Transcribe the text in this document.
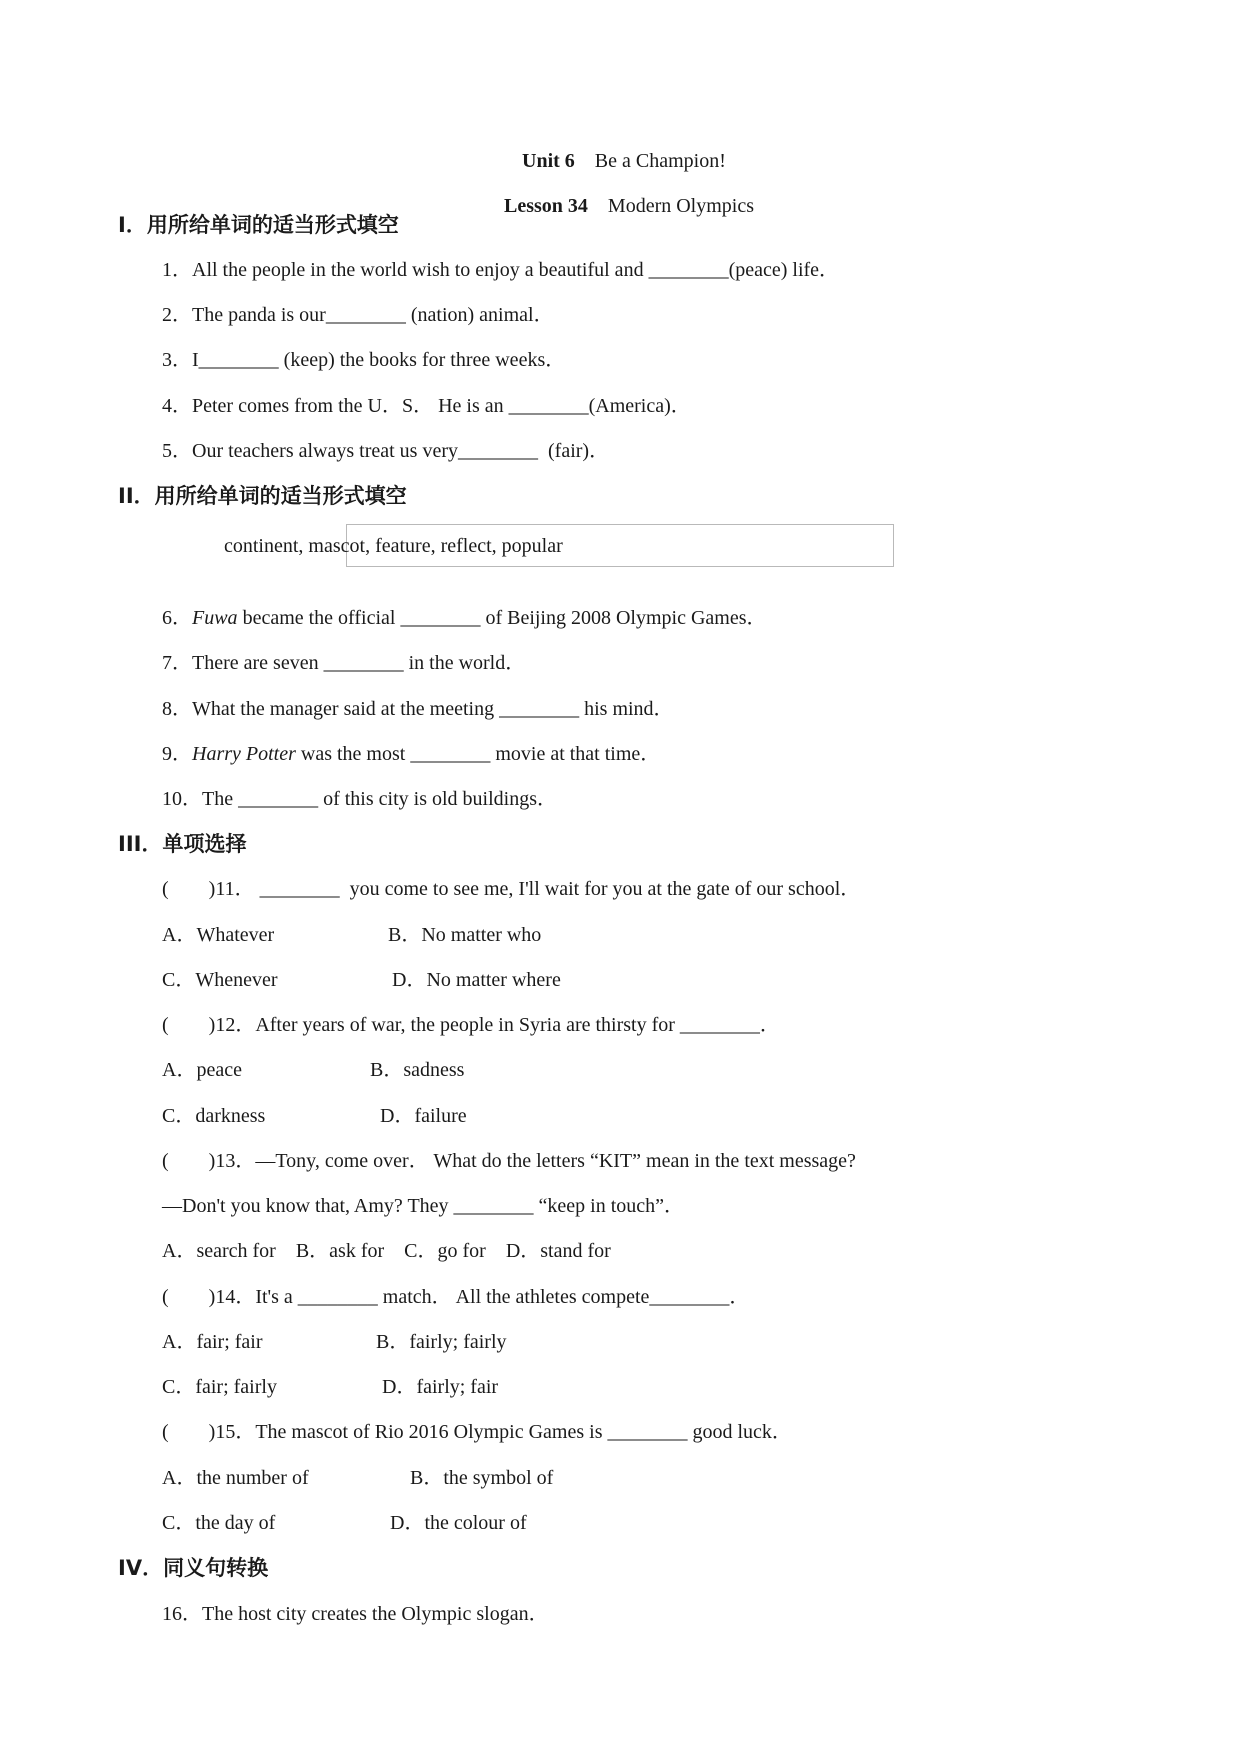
Unit 6  Be a Champion!

Lesson 34  Modern Olympics

I．用所给单词的适当形式填空
1．All the people in the world wish to enjoy a beautiful and ________(peace) life．
2．The panda is our________ (nation) animal．
3．I________ (keep) the books for three weeks．
4．Peter comes from the U．S． He is an ________(America)．
5．Our teachers always treat us very________  (fair)．
II．用所给单词的适当形式填空
continent, mascot, feature, reflect, popular
6．Fuwa became the official ________ of Beijing 2008 Olympic Games．
7．There are seven ________ in the world．
8．What the manager said at the meeting ________ his mind．
9．Harry Potter was the most ________ movie at that time．
10．The ________ of this city is old buildings．
III．单项选择
(　　)11． ________  you come to see me, I'll wait for you at the gate of our school．
A．Whatever	B．No matter who
C．Whenever	D．No matter where
(　　)12．After years of war, the people in Syria are thirsty for ________．
A．peace	B．sadness
C．darkness	D．failure
(　　)13．—Tony, come over． What do the letters “KIT” mean in the text message?
—Don't you know that, Amy? They ________ “keep in touch”．
A．search for　B．ask for　C．go for　D．stand for
(　　)14．It's a ________ match． All the athletes compete________．
A．fair; fair	B．fairly; fairly
C．fair; fairly	D．fairly; fair
(　　)15．The mascot of Rio 2016 Olympic Games is ________ good luck．
A．the number of	B．the symbol of
C．the day of	D．the colour of
IV．同义句转换
16．The host city creates the Olympic slogan．
